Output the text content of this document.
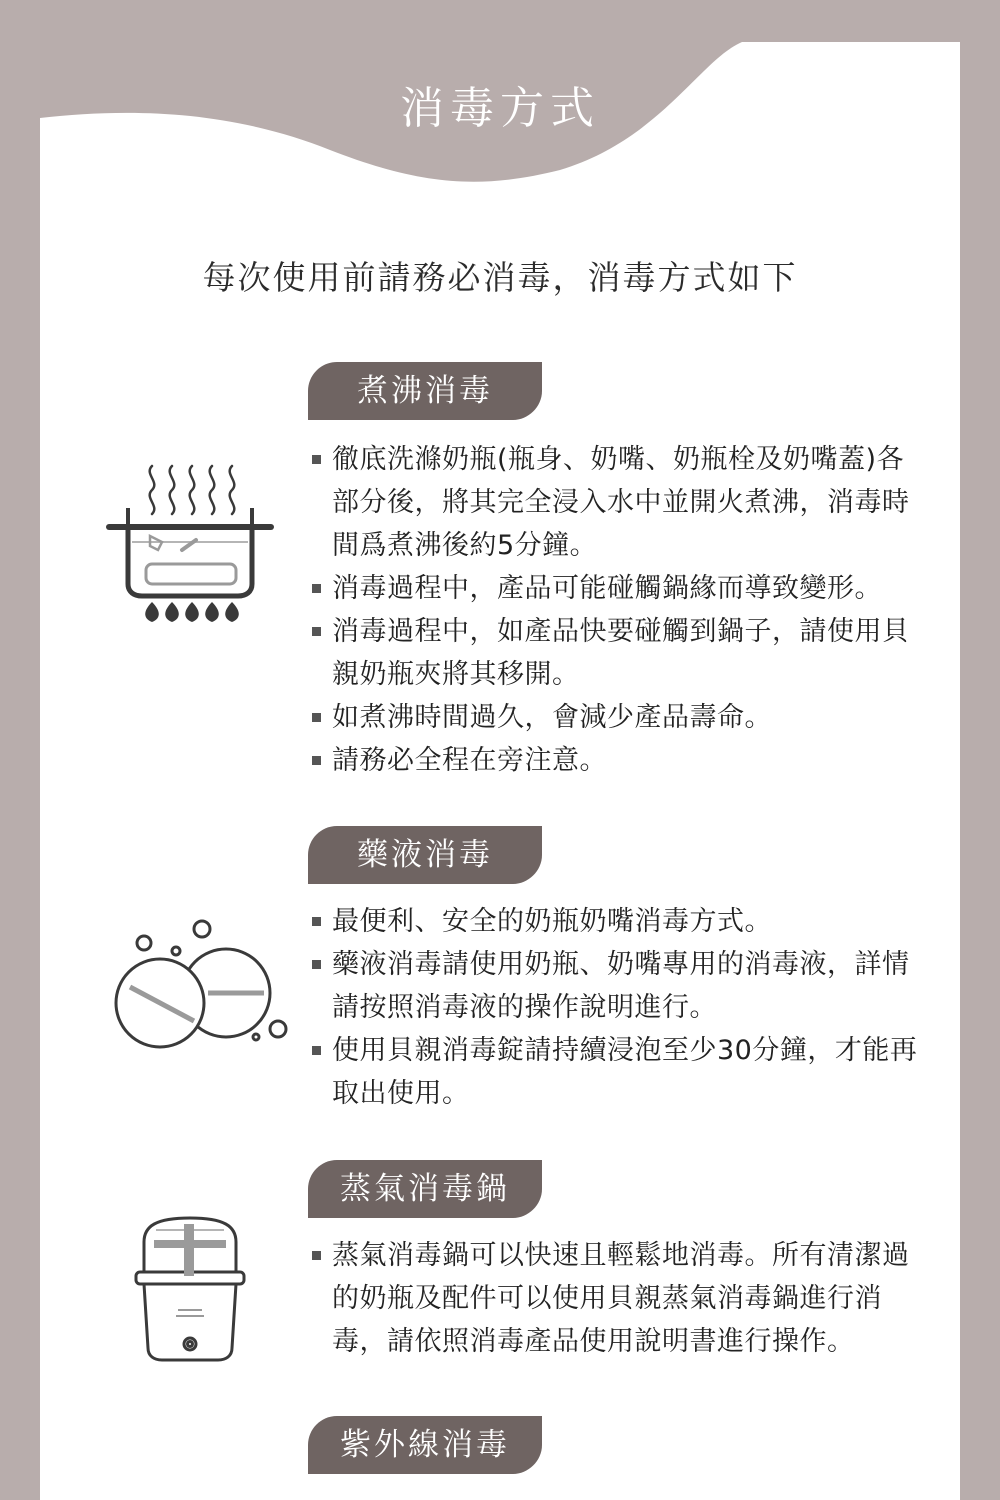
消毒方式
每次使用前請務必消毒，消毒方式如下
煮沸消毒
徹底洗滌奶瓶(瓶身、奶嘴、奶瓶栓及奶嘴蓋)各部分後，將其完全浸入水中並開火煮沸，消毒時間爲煮沸後約5分鐘。
消毒過程中，產品可能碰觸鍋緣而導致變形。
消毒過程中，如產品快要碰觸到鍋子，請使用貝親奶瓶夾將其移開。
如煮沸時間過久，會減少產品壽命。
請務必全程在旁注意。
藥液消毒
最便利、安全的奶瓶奶嘴消毒方式。
藥液消毒請使用奶瓶、奶嘴專用的消毒液，詳情請按照消毒液的操作說明進行。
使用貝親消毒錠請持續浸泡至少30分鐘，才能再取出使用。
蒸氣消毒鍋
蒸氣消毒鍋可以快速且輕鬆地消毒。所有清潔過的奶瓶及配件可以使用貝親蒸氣消毒鍋進行消毒，請依照消毒產品使用說明書進行操作。
紫外線消毒
